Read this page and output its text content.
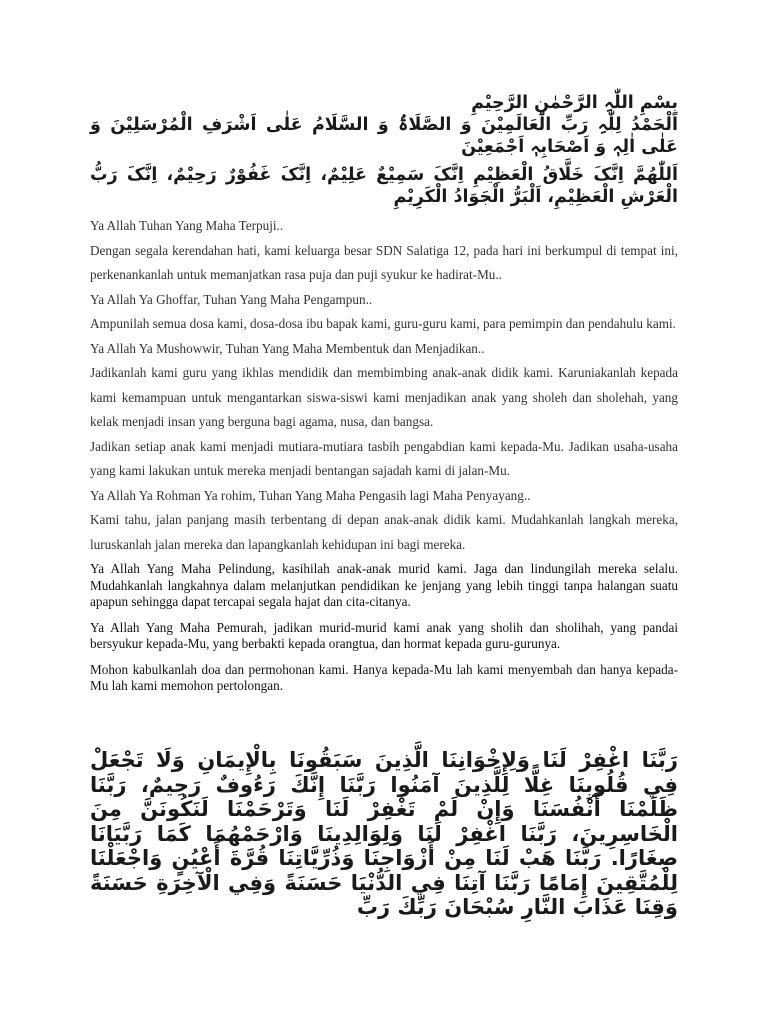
بِسْمِ اللّٰہِ الرَّحْمٰنِ الرَّحِیْمِ

اَلْحَمْدُ لِلّٰہِ رَبِّ الْعَالَمِیْنَ وَ الصَّلَاۃُ وَ السَّلَامُ عَلٰی اَشْرَفِ الْمُرْسَلِیْنَ وَ عَلٰی اٰلِہٖ وَ اَصْحَابِہٖ اَجْمَعِیْنَ

اَللّٰھُمَّ اِنَّکَ خَلَّاقُ الْعَظِیْمِ اِنَّکَ سَمِیْعٌ عَلِیْمٌ، اِنَّکَ غَفُوْرٌ رَحِیْمٌ، اِنَّکَ رَبُّ الْعَرْشِ الْعَظِیْمِ، اَلْبَرُّ الْجَوَادُ الْکَرِیْمِ

Ya Allah Tuhan Yang Maha Terpuji..

Dengan segala kerendahan hati, kami keluarga besar SDN Salatiga 12, pada hari ini berkumpul di tempat ini, perkenankanlah untuk memanjatkan rasa puja dan puji syukur ke hadirat-Mu..

Ya Allah Ya Ghoffar, Tuhan Yang Maha Pengampun..

Ampunilah semua dosa kami, dosa-dosa ibu bapak kami, guru-guru kami, para pemimpin dan pendahulu kami.

Ya Allah Ya Mushowwir, Tuhan Yang Maha Membentuk dan Menjadikan..

Jadikanlah kami guru yang ikhlas mendidik dan membimbing anak-anak didik kami. Karuniakanlah kepada kami kemampuan untuk mengantarkan siswa-siswi kami menjadikan anak yang sholeh dan sholehah, yang kelak menjadi insan yang berguna bagi agama, nusa, dan bangsa.

Jadikan setiap anak kami menjadi mutiara-mutiara tasbih pengabdian kami kepada-Mu. Jadikan usaha-usaha yang kami lakukan untuk mereka menjadi bentangan sajadah kami di jalan-Mu.

Ya Allah Ya Rohman Ya rohim, Tuhan Yang Maha Pengasih lagi Maha Penyayang..

Kami tahu, jalan panjang masih terbentang di depan anak-anak didik kami. Mudahkanlah langkah mereka, luruskanlah jalan mereka dan lapangkanlah kehidupan ini bagi mereka.

Ya Allah Yang Maha Pelindung, kasihilah anak-anak murid kami. Jaga dan lindungilah mereka selalu. Mudahkanlah langkahnya dalam melanjutkan pendidikan ke jenjang yang lebih tinggi tanpa halangan suatu apapun sehingga dapat tercapai segala hajat dan cita-citanya.

Ya Allah Yang Maha Pemurah, jadikan murid-murid kami anak yang sholih dan sholihah, yang pandai bersyukur kepada-Mu, yang berbakti kepada orangtua, dan hormat kepada guru-gurunya.

Mohon kabulkanlah doa dan permohonan kami. Hanya kepada-Mu lah kami menyembah dan hanya kepada-Mu lah kami memohon pertolongan.

رَبَّنَا اغْفِرْ لَنَا وَلِإِخْوَانِنَا الَّذِينَ سَبَقُونَا بِالْإِيمَانِ وَلَا تَجْعَلْ فِي قُلُوبِنَا غِلًّا لِلَّذِينَ آمَنُوا رَبَّنَا إِنَّكَ رَءُوفٌ رَحِيمٌ، رَبَّنَا ظَلَمْنَا أَنْفُسَنَا وَإِنْ لَمْ تَغْفِرْ لَنَا وَتَرْحَمْنَا لَنَكُونَنَّ مِنَ الْخَاسِرِينَ، رَبَّنَا اغْفِرْ لَنَا وَلِوَالِدِينَا وَارْحَمْهُمَا كَمَا رَبَّيَانَا صِغَارًا. رَبَّنَا هَبْ لَنَا مِنْ أَزْوَاجِنَا وَذُرِّيَّاتِنَا قُرَّةَ أَعْيُنٍ وَاجْعَلْنَا لِلْمُتَّقِينَ إِمَامًا رَبَّنَا آتِنَا فِي الدُّنْيَا حَسَنَةً وَفِي الْآخِرَةِ حَسَنَةً وَقِنَا عَذَابَ النَّارِ سُبْحَانَ رَبِّكَ رَبِّ
